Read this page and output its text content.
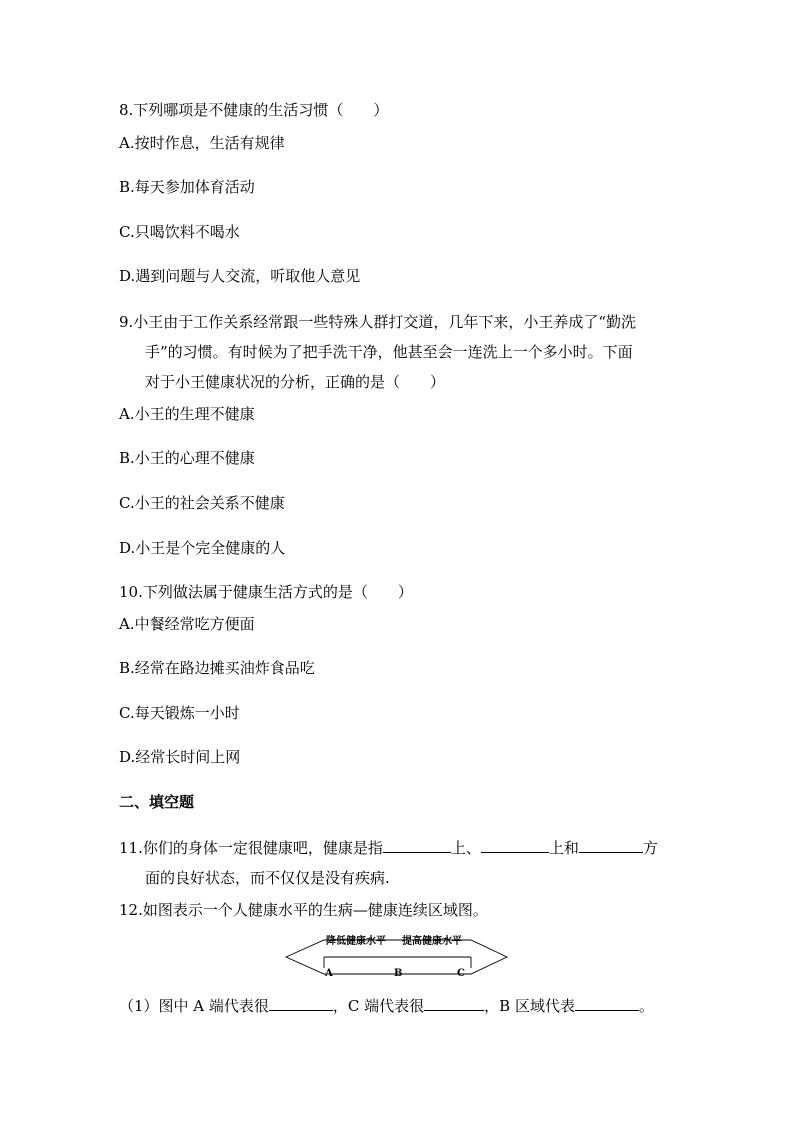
8.下列哪项是不健康的生活习惯（　　）
A.按时作息，生活有规律
B.每天参加体育活动
C.只喝饮料不喝水
D.遇到问题与人交流，听取他人意见
9.小王由于工作关系经常跟一些特殊人群打交道，几年下来，小王养成了“勤洗
手”的习惯。有时候为了把手洗干净，他甚至会一连洗上一个多小时。下面
对于小王健康状况的分析，正确的是（　　）
A.小王的生理不健康
B.小王的心理不健康
C.小王的社会关系不健康
D.小王是个完全健康的人
10.下列做法属于健康生活方式的是（　　）
A.中餐经常吃方便面
B.经常在路边摊买油炸食品吃
C.每天锻炼一小时
D.经常长时间上网
二、填空题
11.你们的身体一定很健康吧，健康是指	上、	上和	方
面的良好状态，而不仅仅是没有疾病.
12.如图表示一个人健康水平的生病—健康连续区域图。
降低健康水平 提高健康水平
A	B	C
（1）图中 A 端代表很	，C 端代表很	，B 区域代表	。
